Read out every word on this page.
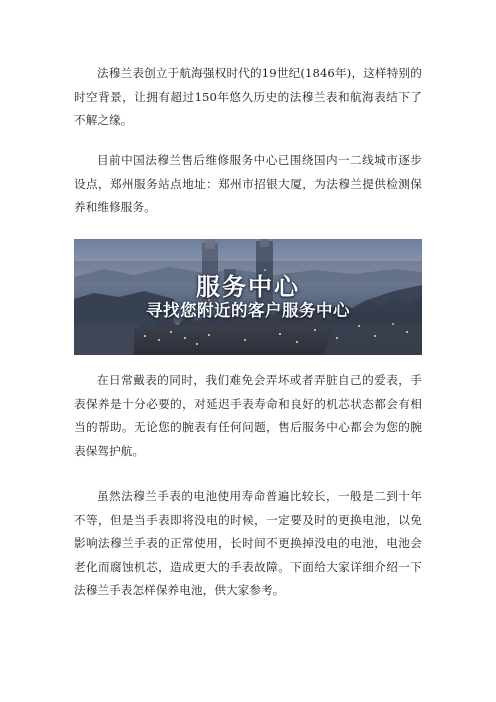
法穆兰表创立于航海强权时代的19世纪(1846年)，这样特别的时空背景，让拥有超过150年悠久历史的法穆兰表和航海表结下了不解之缘。

目前中国法穆兰售后维修服务中心已围绕国内一二线城市逐步设点，郑州服务站点地址：郑州市招银大厦，为法穆兰提供检测保养和维修服务。

服务中心
寻找您附近的客户服务中心

在日常戴表的同时，我们难免会弄坏或者弄脏自己的爱表，手表保养是十分必要的，对延迟手表寿命和良好的机芯状态都会有相当的帮助。无论您的腕表有任何问题，售后服务中心都会为您的腕表保驾护航。

虽然法穆兰手表的电池使用寿命普遍比较长，一般是二到十年不等，但是当手表即将没电的时候，一定要及时的更换电池，以免影响法穆兰手表的正常使用，长时间不更换掉没电的电池，电池会老化而腐蚀机芯，造成更大的手表故障。下面给大家详细介绍一下法穆兰手表怎样保养电池，供大家参考。
